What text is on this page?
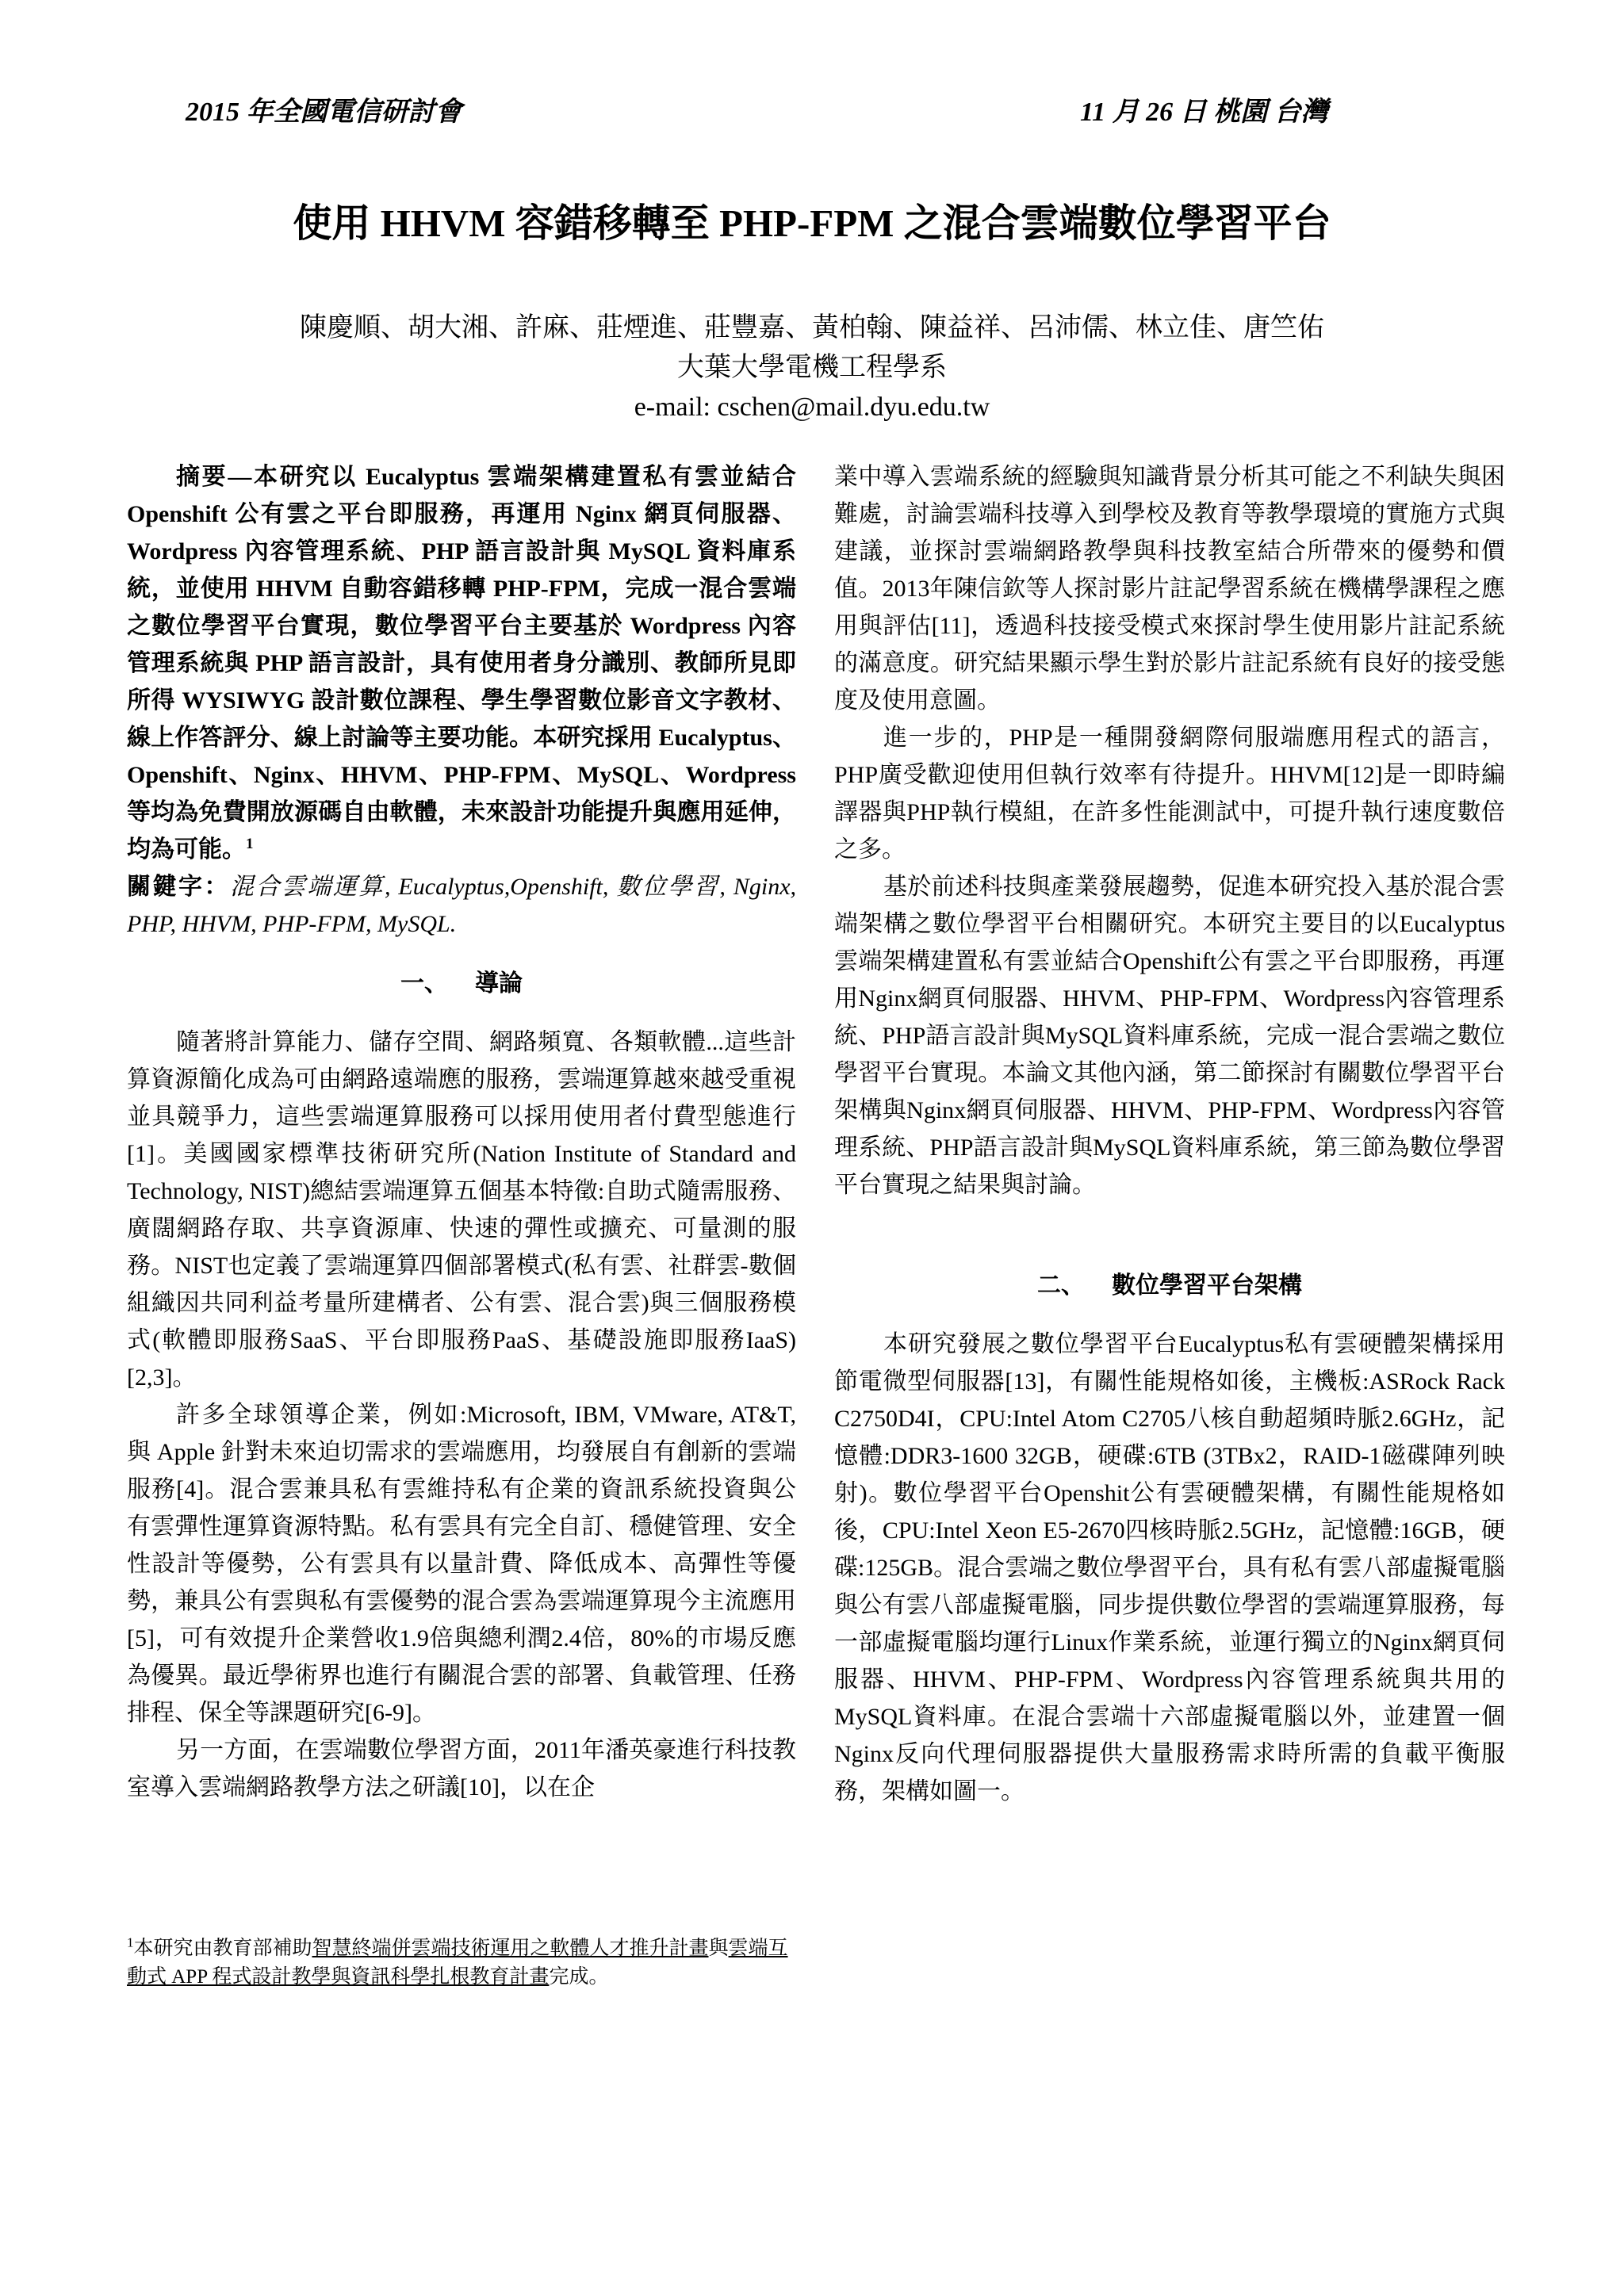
2015 年全國電信研討會	11 月 26 日 桃園 台灣
使用 HHVM 容錯移轉至 PHP-FPM 之混合雲端數位學習平台
陳慶順、胡大湘、許麻、莊煙進、莊豐嘉、黃柏翰、陳益祥、呂沛儒、林立佳、唐竺佑
大葉大學電機工程學系
e-mail: cschen@mail.dyu.edu.tw

摘要—本研究以 Eucalyptus 雲端架構建置私有雲並結合 Openshift 公有雲之平台即服務，再運用 Nginx 網頁伺服器、Wordpress 內容管理系統、PHP 語言設計與 MySQL 資料庫系統，並使用 HHVM 自動容錯移轉 PHP-FPM，完成一混合雲端之數位學習平台實現，數位學習平台主要基於 Wordpress 內容管理系統與 PHP 語言設計，具有使用者身分識別、教師所見即所得 WYSIWYG 設計數位課程、學生學習數位影音文字教材、線上作答評分、線上討論等主要功能。本研究採用 Eucalyptus、Openshift、Nginx、HHVM、PHP-FPM、MySQL、Wordpress 等均為免費開放源碼自由軟體，未來設計功能提升與應用延伸，均為可能。$^1$

關鍵字：混合雲端運算, Eucalyptus,Openshift, 數位學習, Nginx, PHP, HHVM, PHP-FPM, MySQL.

一、 導論

隨著將計算能力、儲存空間、網路頻寬、各類軟體...這些計算資源簡化成為可由網路遠端應的服務，雲端運算越來越受重視並具競爭力，這些雲端運算服務可以採用使用者付費型態進行[1]。美國國家標準技術研究所(Nation Institute of Standard and Technology, NIST)總結雲端運算五個基本特徵:自助式隨需服務、廣闊網路存取、共享資源庫、快速的彈性或擴充、可量測的服務。NIST也定義了雲端運算四個部署模式(私有雲、社群雲-數個組織因共同利益考量所建構者、公有雲、混合雲)與三個服務模式(軟體即服務SaaS、平台即服務PaaS、基礎設施即服務IaaS)[2,3]。

許多全球領導企業，例如:Microsoft, IBM, VMware, AT&T, 與 Apple 針對未來迫切需求的雲端應用，均發展自有創新的雲端服務[4]。混合雲兼具私有雲維持私有企業的資訊系統投資與公有雲彈性運算資源特點。私有雲具有完全自訂、穩健管理、安全性設計等優勢，公有雲具有以量計費、降低成本、高彈性等優勢，兼具公有雲與私有雲優勢的混合雲為雲端運算現今主流應用[5]，可有效提升企業營收1.9倍與總利潤2.4倍，80%的市場反應為優異。最近學術界也進行有關混合雲的部署、負載管理、任務排程、保全等課題研究[6-9]。

另一方面，在雲端數位學習方面，2011年潘英豪進行科技教室導入雲端網路教學方法之研議[10]，以在企

業中導入雲端系統的經驗與知識背景分析其可能之不利缺失與困難處，討論雲端科技導入到學校及教育等教學環境的實施方式與建議，並探討雲端網路教學與科技教室結合所帶來的優勢和價值。2013年陳信欽等人探討影片註記學習系統在機構學課程之應用與評估[11]，透過科技接受模式來探討學生使用影片註記系統的滿意度。研究結果顯示學生對於影片註記系統有良好的接受態度及使用意圖。

進一步的，PHP是一種開發網際伺服端應用程式的語言，PHP廣受歡迎使用但執行效率有待提升。HHVM[12]是一即時編譯器與PHP執行模組，在許多性能測試中，可提升執行速度數倍之多。

基於前述科技與產業發展趨勢，促進本研究投入基於混合雲端架構之數位學習平台相關研究。本研究主要目的以Eucalyptus雲端架構建置私有雲並結合Openshift公有雲之平台即服務，再運用Nginx網頁伺服器、HHVM、PHP-FPM、Wordpress內容管理系統、PHP語言設計與MySQL資料庫系統，完成一混合雲端之數位學習平台實現。本論文其他內涵，第二節探討有關數位學習平台架構與Nginx網頁伺服器、HHVM、PHP-FPM、Wordpress內容管理系統、PHP語言設計與MySQL資料庫系統，第三節為數位學習平台實現之結果與討論。

二、 數位學習平台架構

本研究發展之數位學習平台Eucalyptus私有雲硬體架構採用節電微型伺服器[13]，有關性能規格如後，主機板:ASRock Rack C2750D4I，CPU:Intel Atom C2705八核自動超頻時脈2.6GHz，記憶體:DDR3-1600 32GB，硬碟:6TB (3TBx2，RAID-1磁碟陣列映射)。數位學習平台Openshit公有雲硬體架構，有關性能規格如後，CPU:Intel Xeon E5-2670四核時脈2.5GHz，記憶體:16GB，硬碟:125GB。混合雲端之數位學習平台，具有私有雲八部虛擬電腦與公有雲八部虛擬電腦，同步提供數位學習的雲端運算服務，每一部虛擬電腦均運行Linux作業系統，並運行獨立的Nginx網頁伺服器、HHVM、PHP-FPM、Wordpress內容管理系統與共用的MySQL資料庫。在混合雲端十六部虛擬電腦以外，並建置一個Nginx反向代理伺服器提供大量服務需求時所需的負載平衡服務，架構如圖一。

$^1$本研究由教育部補助智慧終端併雲端技術運用之軟體人才推升計畫與雲端互動式 APP 程式設計教學與資訊科學扎根教育計畫完成。
